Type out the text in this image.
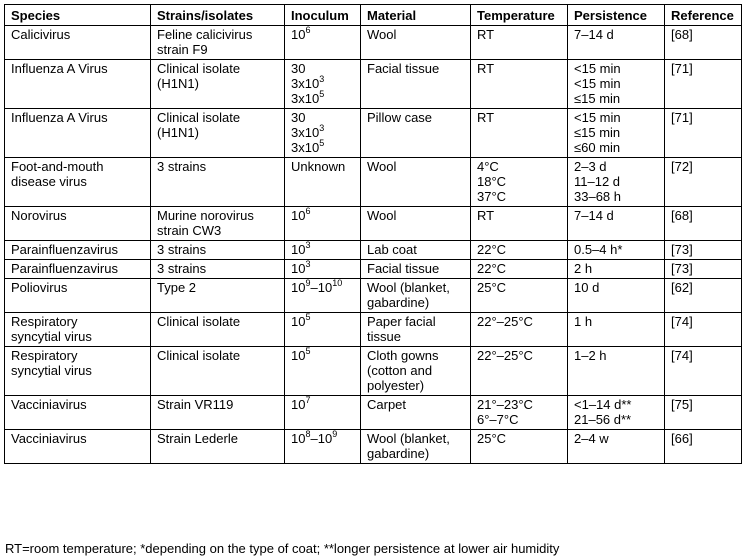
Species	Strains/isolates	Inoculum	Material	Temperature	Persistence	Reference

Calicivirus	Feline calicivirus
strain F9	$10^6$	Wool	RT	7–14 d	[68]

Influenza A Virus	Clinical isolate
(H1N1)	30
$3x10^3$
$3x10^5$	Facial tissue	RT	<15 min
<15 min
≤15 min	[71]

Influenza A Virus	Clinical isolate
(H1N1)	30
$3x10^3$
$3x10^5$	Pillow case	RT	<15 min
≤15 min
≤60 min	[71]

Foot-and-mouth
disease virus	3 strains	Unknown	Wool	4°C
18°C
37°C	2–3 d
11–12 d
33–68 h	[72]

Norovirus	Murine norovirus
strain CW3	$10^6$	Wool	RT	7–14 d	[68]

Parainfluenzavirus	3 strains	$10^3$	Lab coat	22°C	0.5–4 h*	[73]

Parainfluenzavirus	3 strains	$10^3$	Facial tissue	22°C	2 h	[73]

Poliovirus	Type 2	$10^9-10^{10}$	Wool (blanket,
gabardine)	25°C	10 d	[62]

Respiratory
syncytial virus	Clinical isolate	$10^5$	Paper facial
tissue	22°–25°C	1 h	[74]

Respiratory
syncytial virus	Clinical isolate	$10^5$	Cloth gowns
(cotton and
polyester)	22°–25°C	1–2 h	[74]

Vacciniavirus	Strain VR119	$10^7$	Carpet	21°–23°C
6°–7°C	<1–14 d**
21–56 d**	[75]

Vacciniavirus	Strain Lederle	$10^8-10^9$	Wool (blanket,
gabardine)	25°C	2–4 w	[66]
RT=room temperature; *depending on the type of coat; **longer persistence at lower air humidity
